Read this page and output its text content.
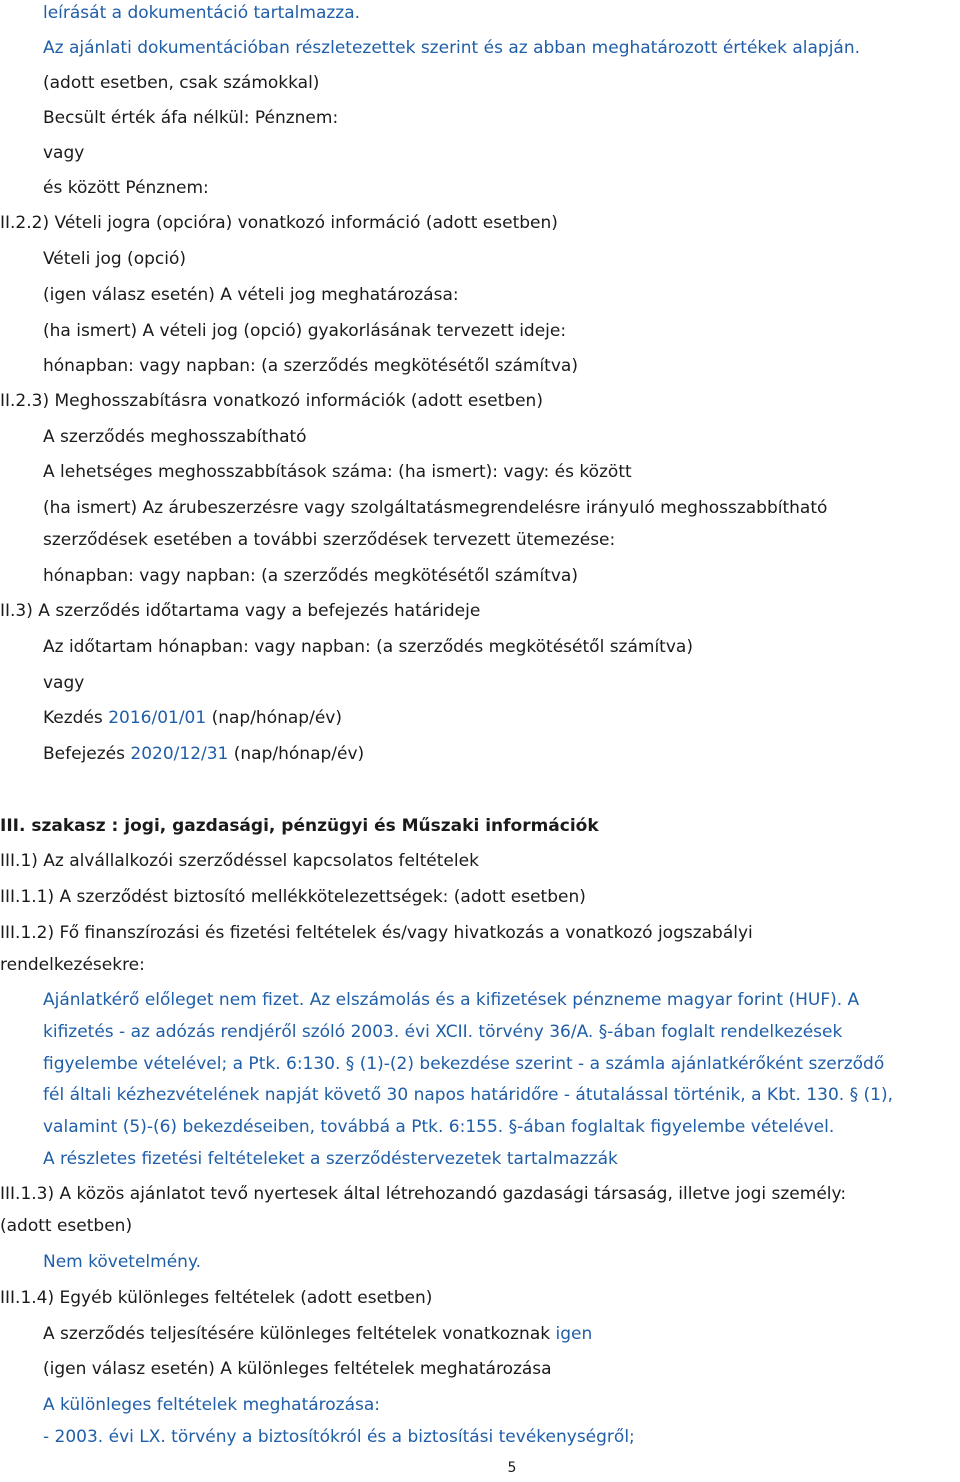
leírását a dokumentáció tartalmazza.
Az ajánlati dokumentációban részletezettek szerint és az abban meghatározott értékek alapján.
(adott esetben, csak számokkal)
Becsült érték áfa nélkül: Pénznem:
vagy
és között Pénznem:
II.2.2) Vételi jogra (opcióra) vonatkozó információ (adott esetben)
Vételi jog (opció)
(igen válasz esetén) A vételi jog meghatározása:
(ha ismert) A vételi jog (opció) gyakorlásának tervezett ideje:
hónapban: vagy napban: (a szerződés megkötésétől számítva)
II.2.3) Meghosszabításra vonatkozó információk (adott esetben)
A szerződés meghosszabítható
A lehetséges meghosszabbítások száma: (ha ismert): vagy: és között
(ha ismert) Az árubeszerzésre vagy szolgáltatásmegrendelésre irányuló meghosszabbítható
szerződések esetében a további szerződések tervezett ütemezése:
hónapban: vagy napban: (a szerződés megkötésétől számítva)
II.3) A szerződés időtartama vagy a befejezés határideje
Az időtartam hónapban: vagy napban: (a szerződés megkötésétől számítva)
vagy
Kezdés 2016/01/01 (nap/hónap/év)
Befejezés 2020/12/31 (nap/hónap/év)
III. szakasz : jogi, gazdasági, pénzügyi és Műszaki információk
III.1) Az alvállalkozói szerződéssel kapcsolatos feltételek
III.1.1) A szerződést biztosító mellékkötelezettségek: (adott esetben)
III.1.2) Fő finanszírozási és fizetési feltételek és/vagy hivatkozás a vonatkozó jogszabályi
rendelkezésekre:
Ajánlatkérő előleget nem fizet. Az elszámolás és a kifizetések pénzneme magyar forint (HUF). A
kifizetés - az adózás rendjéről szóló 2003. évi XCII. törvény 36/A. §-ában foglalt rendelkezések
figyelembe vételével; a Ptk. 6:130. § (1)-(2) bekezdése szerint - a számla ajánlatkérőként szerződő
fél általi kézhezvételének napját követő 30 napos határidőre - átutalással történik, a Kbt. 130. § (1),
valamint (5)-(6) bekezdéseiben, továbbá a Ptk. 6:155. §-ában foglaltak figyelembe vételével.
A részletes fizetési feltételeket a szerződéstervezetek tartalmazzák
III.1.3) A közös ajánlatot tevő nyertesek által létrehozandó gazdasági társaság, illetve jogi személy:
(adott esetben)
Nem követelmény.
III.1.4) Egyéb különleges feltételek (adott esetben)
A szerződés teljesítésére különleges feltételek vonatkoznak igen
(igen válasz esetén) A különleges feltételek meghatározása
A különleges feltételek meghatározása:
- 2003. évi LX. törvény a biztosítókról és a biztosítási tevékenységről;
5
